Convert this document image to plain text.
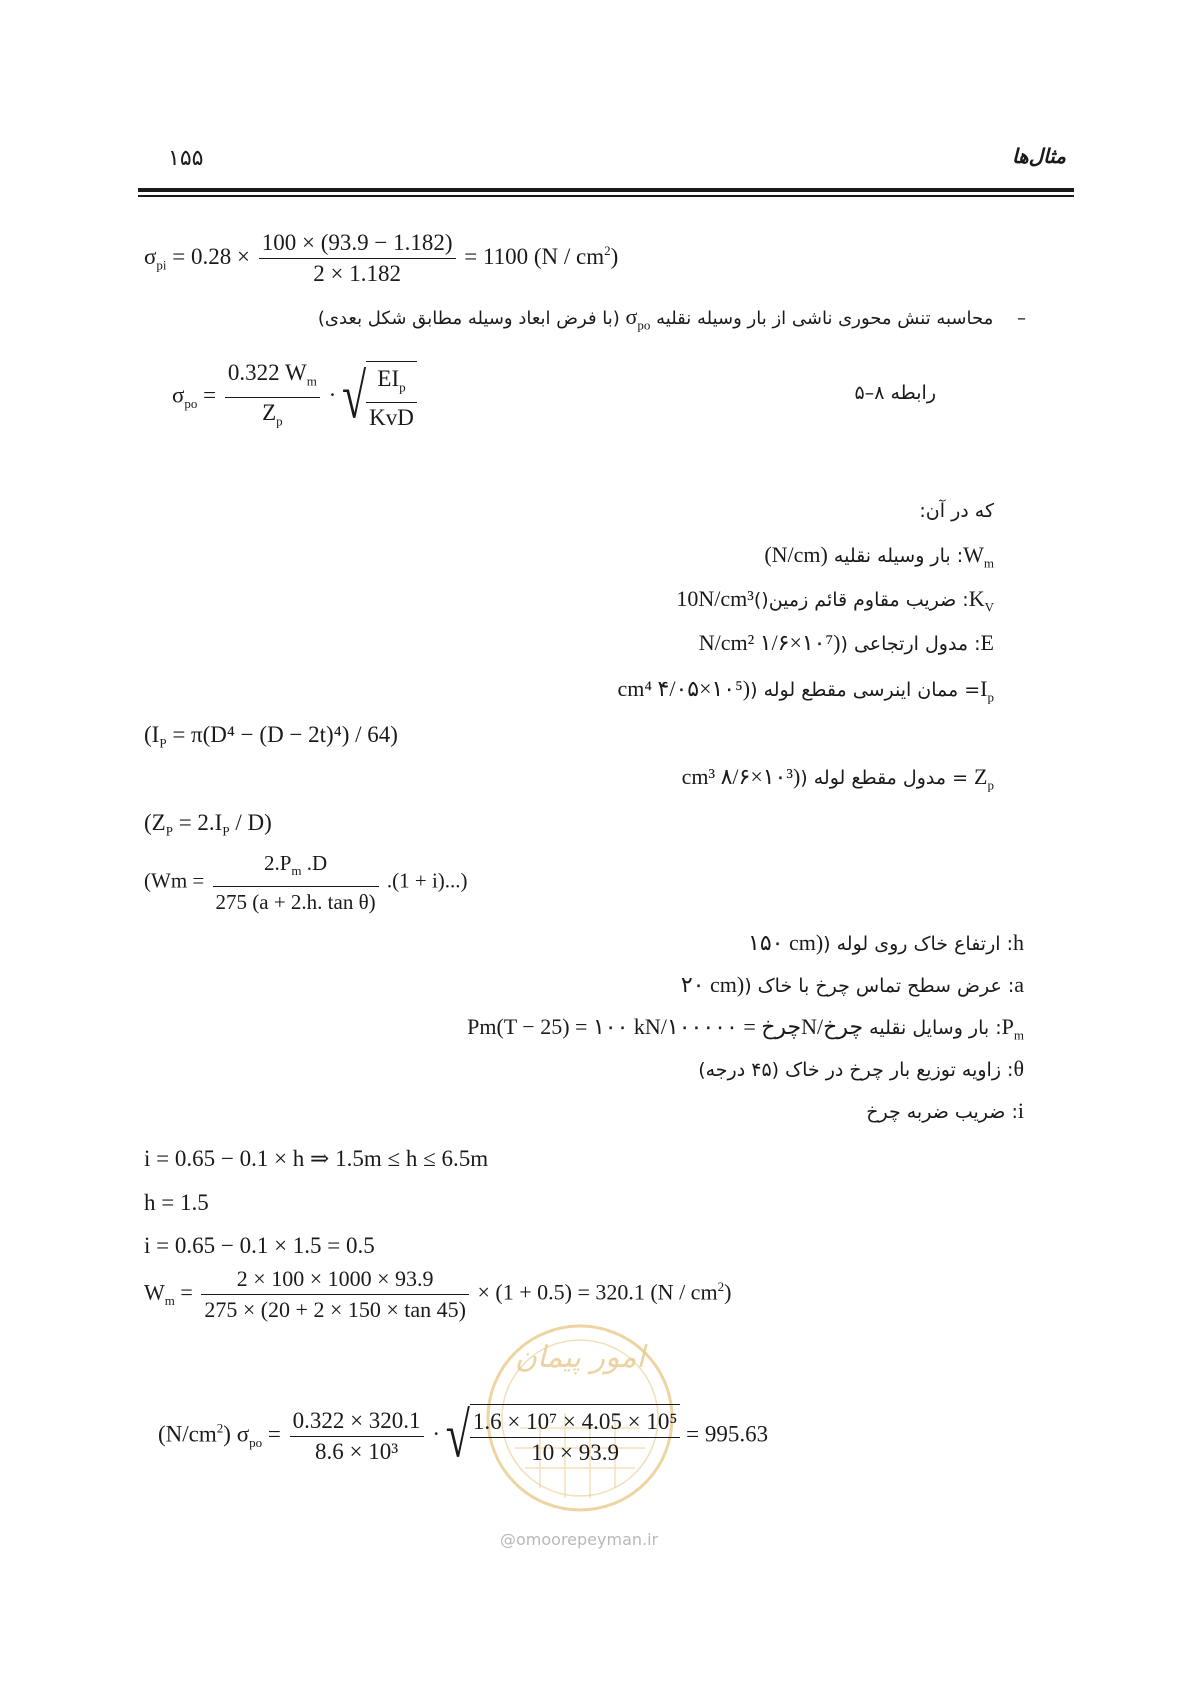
۱۵۵	مثال‌ها
$\sigma_{pi} = 0.28 \times \frac{100 \times (93.9 - 1.182)}{2 \times 1.182} = 1100$ $(N / cm^2)$
– محاسبه تنش محوری ناشی از بار وسیله نقلیه $\sigma_{po}$ (با فرض ابعاد وسیله مطابق شکل بعدی)
$\sigma_{po} = \frac{0.322 W_m}{Z_p}$ · √ $\frac{EI_p}{\text{KvD}}$	رابطه ۸–۵
که در آن:
$W_m$: بار وسیله نقلیه (N/cm)
$K_V$: ضریب مقاوم قائم زمین()10N/cm³
E: مدول ارتجاعی (N/cm² ۱/۶×۱۰⁷)
$I_p=$ ممان اینرسی مقطع لوله (cm⁴ ۴/۰۵×۱۰⁵)
$(I_P = \pi(D^4 - (D - 2t)^4) / 64)$
$Z_p$ = مدول مقطع لوله (cm³ ۸/۶×۱۰³)
$(Z_P = 2.I_P / D)$
$(Wm = \frac{2.P_m .D}{\text{275 (a + 2.h. tan θ)}} .(1 + i)...)$
h: ارتفاع خاک روی لوله (۱۵۰ cm)
a: عرض سطح تماس چرخ با خاک (۲۰ cm)
$P_m$: بار وسایل نقلیه Pm(T − 25) = ۱۰۰ kN/چرخ = ۱۰۰۰۰۰N/چرخ
θ: زاویه توزیع بار چرخ در خاک (۴۵ درجه)
i: ضریب ضربه چرخ
i = 0.65 − 0.1 × h ⇒ 1.5m ≤ h ≤ 6.5m
h = 1.5
i = 0.65 − 0.1 × 1.5 = 0.5
$W_m = \frac{2 \times 100 \times 1000 \times 93.9}{275 \times (20 + 2 \times 150 \times \tan 45)} \times (1 + 0.5) = 320.1$ $(N / cm^2)$
امور پیمان
@omoorepeyman.ir
$(N/cm^2) \sigma_{po} = \frac{0.322 \times 320.1}{\text{8.6 × 10³}}$ · √ $\frac{\text{1.6 × 10⁷ × 4.05 × 10⁵}}{10 \times 93.9} = 995.63$
